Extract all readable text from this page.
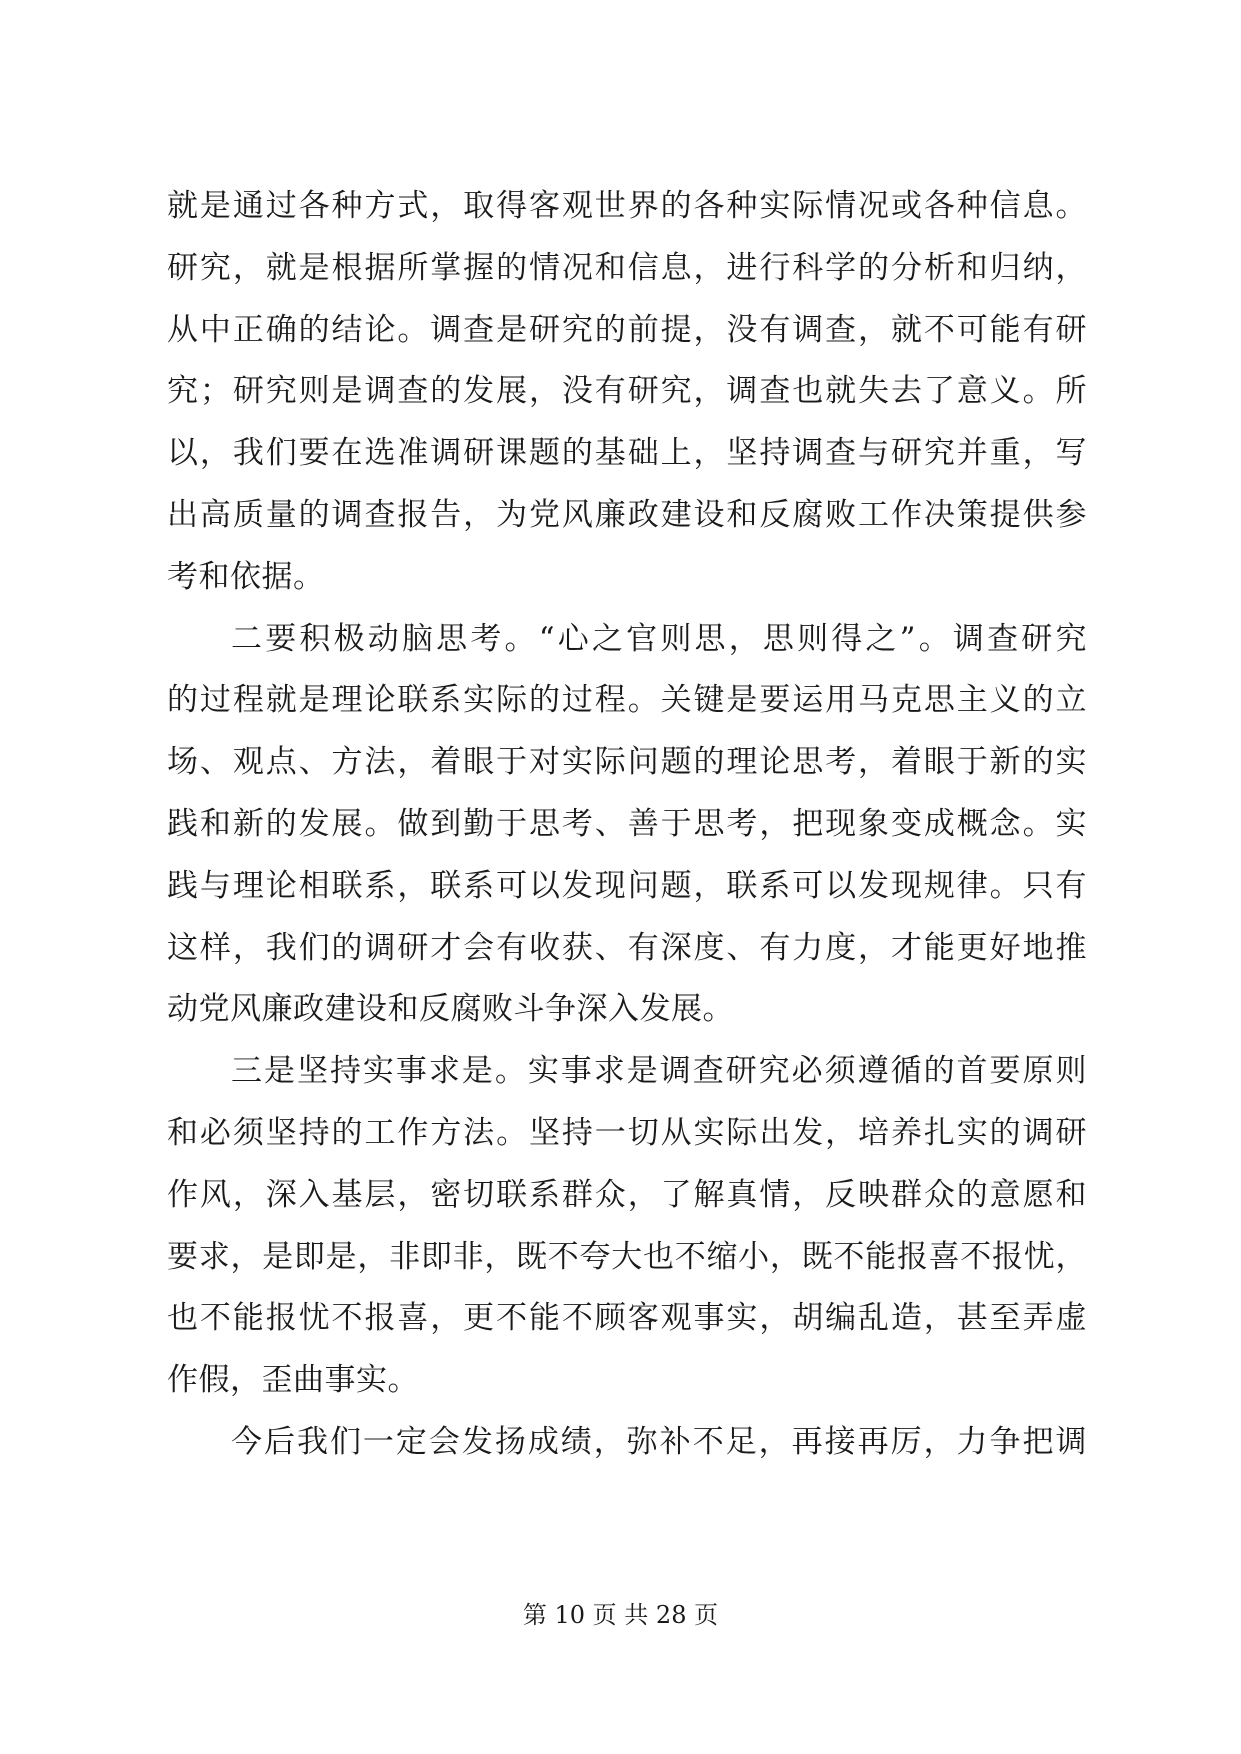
就是通过各种方式，取得客观世界的各种实际情况或各种信息。
研究，就是根据所掌握的情况和信息，进行科学的分析和归纳，
从中正确的结论。调查是研究的前提，没有调查，就不可能有研
究；研究则是调查的发展，没有研究，调查也就失去了意义。所
以，我们要在选准调研课题的基础上，坚持调查与研究并重，写
出高质量的调查报告，为党风廉政建设和反腐败工作决策提供参
考和依据。
二要积极动脑思考。“心之官则思，思则得之”。调查研究
的过程就是理论联系实际的过程。关键是要运用马克思主义的立
场、观点、方法，着眼于对实际问题的理论思考，着眼于新的实
践和新的发展。做到勤于思考、善于思考，把现象变成概念。实
践与理论相联系，联系可以发现问题，联系可以发现规律。只有
这样，我们的调研才会有收获、有深度、有力度，才能更好地推
动党风廉政建设和反腐败斗争深入发展。
三是坚持实事求是。实事求是调查研究必须遵循的首要原则
和必须坚持的工作方法。坚持一切从实际出发，培养扎实的调研
作风，深入基层，密切联系群众，了解真情，反映群众的意愿和
要求，是即是，非即非，既不夸大也不缩小，既不能报喜不报忧，
也不能报忧不报喜，更不能不顾客观事实，胡编乱造，甚至弄虚
作假，歪曲事实。
今后我们一定会发扬成绩，弥补不足，再接再厉，力争把调
第 10 页 共 28 页
